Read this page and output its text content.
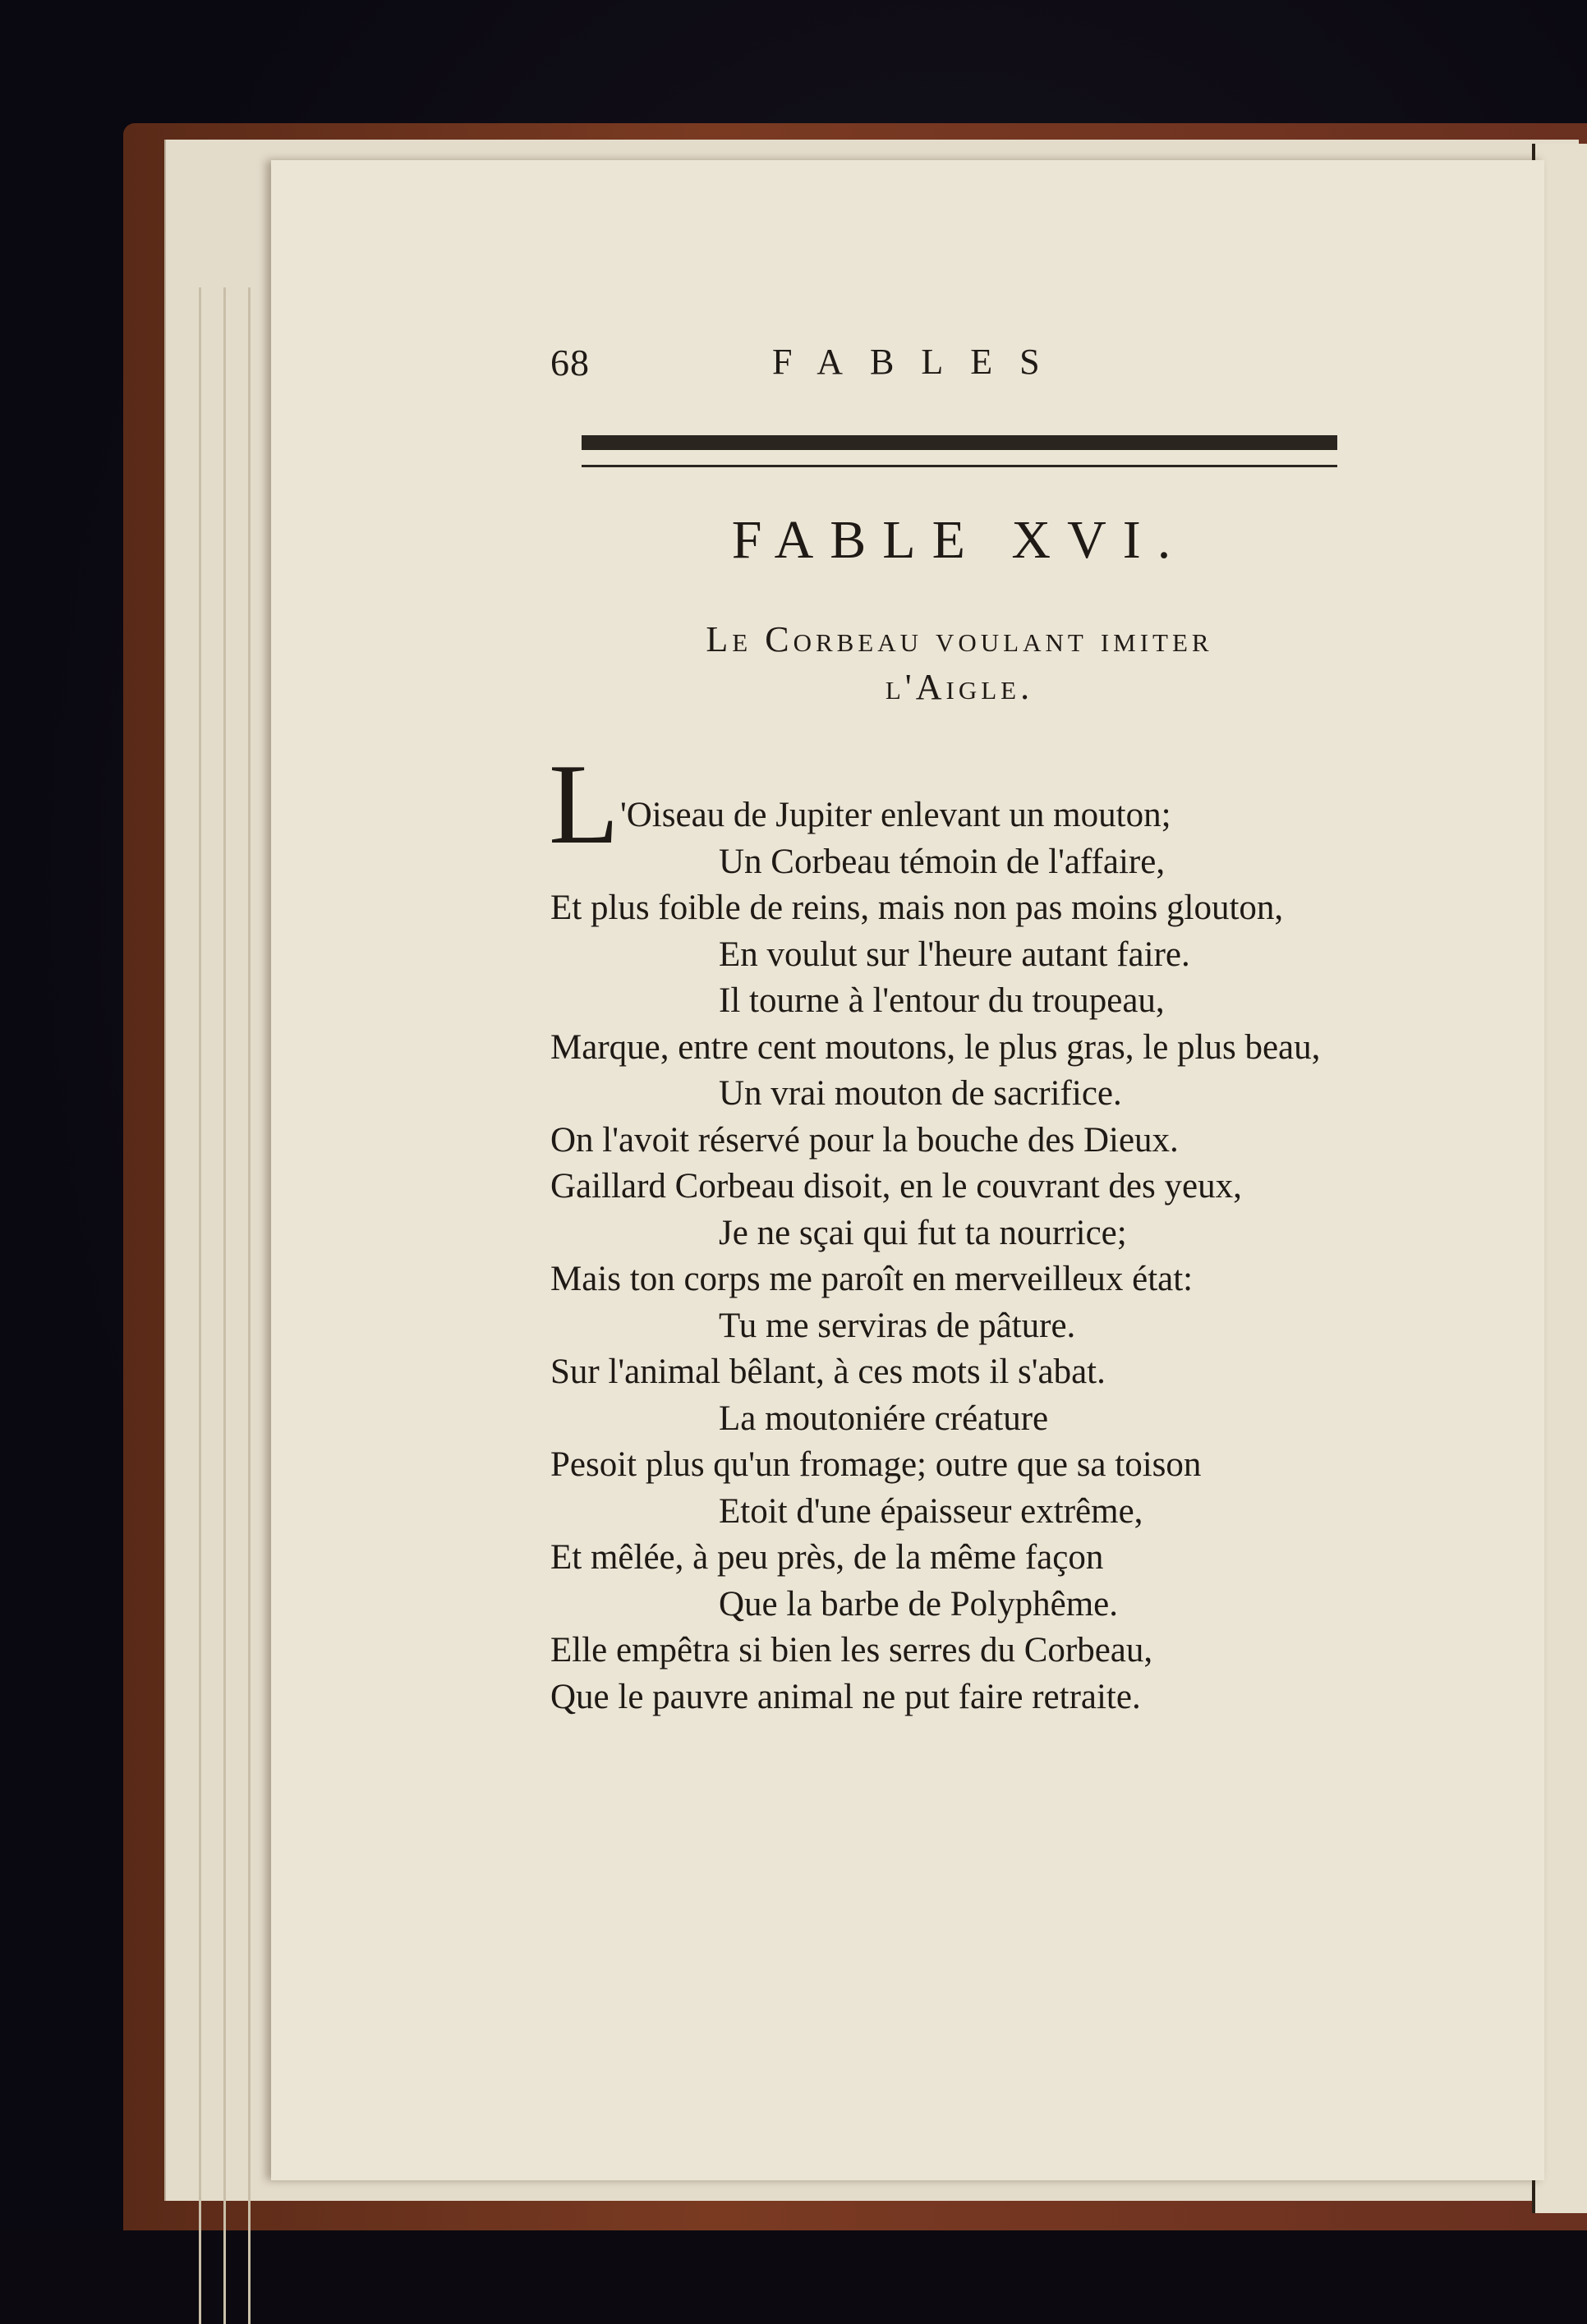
68	FABLES
FABLE XVI.
Le Corbeau voulant imiter
l'Aigle.
L 'Oiseau de Jupiter enlevant un mouton;
Un Corbeau témoin de l'affaire,
Et plus foible de reins, mais non pas moins glouton,
En voulut sur l'heure autant faire.
Il tourne à l'entour du troupeau,
Marque, entre cent moutons, le plus gras, le plus beau,
Un vrai mouton de sacrifice.
On l'avoit réservé pour la bouche des Dieux.
Gaillard Corbeau disoit, en le couvrant des yeux,
Je ne sçai qui fut ta nourrice;
Mais ton corps me paroît en merveilleux état:
Tu me serviras de pâture.
Sur l'animal bêlant, à ces mots il s'abat.
La moutoniére créature
Pesoit plus qu'un fromage; outre que sa toison
Etoit d'une épaisseur extrême,
Et mêlée, à peu près, de la même façon
Que la barbe de Polyphême.
Elle empêtra si bien les serres du Corbeau,
Que le pauvre animal ne put faire retraite.
